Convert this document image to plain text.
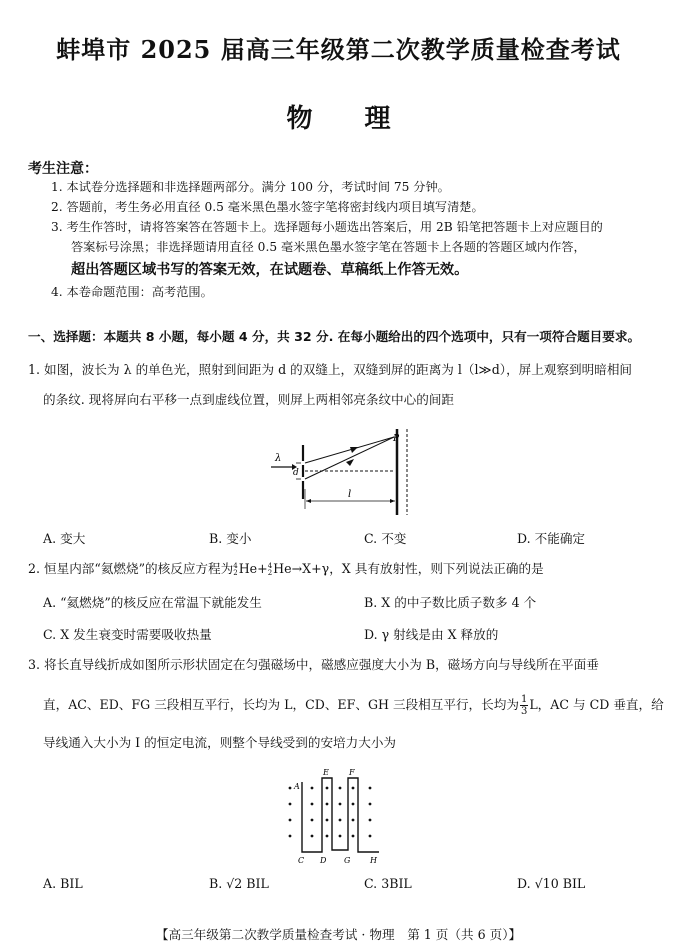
蚌埠市 2025 届高三年级第二次教学质量检查考试
物 理
考生注意：
1. 本试卷分选择题和非选择题两部分。满分 100 分，考试时间 75 分钟。
2. 答题前，考生务必用直径 0.5 毫米黑色墨水签字笔将密封线内项目填写清楚。
3. 考生作答时，请将答案答在答题卡上。选择题每小题选出答案后，用 2B 铅笔把答题卡上对应题目的
答案标号涂黑；非选择题请用直径 0.5 毫米黑色墨水签字笔在答题卡上各题的答题区域内作答，
超出答题区域书写的答案无效，在试题卷、草稿纸上作答无效。
4. 本卷命题范围：高考范围。
一、选择题：本题共 8 小题，每小题 4 分，共 32 分. 在每小题给出的四个选项中，只有一项符合题目要求。
1. 如图，波长为 λ 的单色光，照射到间距为 d 的双缝上，双缝到屏的距离为 l（l≫d），屏上观察到明暗相间
的条纹. 现将屏向右平移一点到虚线位置，则屏上两相邻亮条纹中心的间距
λ
d
P
l
A. 变大	B. 变小	C. 不变	D. 不能确定
2. 恒星内部“氦燃烧”的核反应方程为 4
2 He+ 4
2 He→X+γ，X 具有放射性，则下列说法正确的是
A. “氦燃烧”的核反应在常温下就能发生	B. X 的中子数比质子数多 4 个
C. X 发生衰变时需要吸收热量	D. γ 射线是由 X 释放的
3. 将长直导线折成如图所示形状固定在匀强磁场中，磁感应强度大小为 B，磁场方向与导线所在平面垂
直，AC、ED、FG 三段相互平行，长均为 L，CD、EF、GH 三段相互平行，长均为 $\frac{1}{3}$ L，AC 与 CD 垂直，给
导线通入大小为 I 的恒定电流，则整个导线受到的安培力大小为
A
E	F
C D G H
A. BIL	B. √2 BIL	C. 3BIL	D. √10 BIL
【高三年级第二次教学质量检查考试 · 物理　第 1 页（共 6 页）】
